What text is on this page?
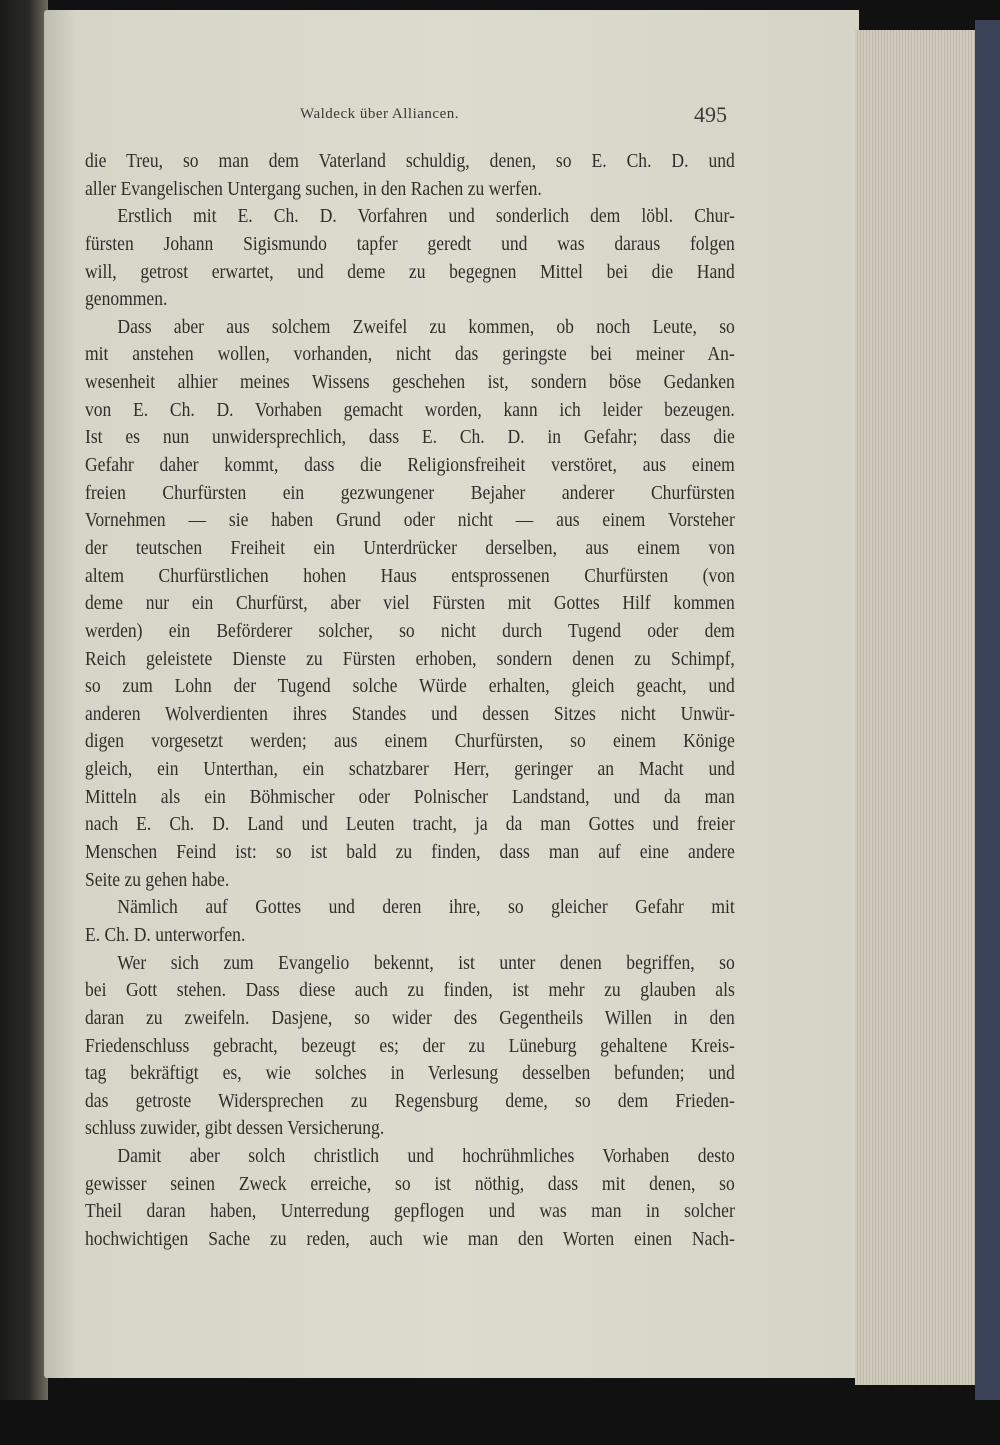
Waldeck über Alliancen.	495
die Treu, so man dem Vaterland schuldig, denen, so E. Ch. D. und
aller Evangelischen Untergang suchen, in den Rachen zu werfen.
Erstlich mit E. Ch. D. Vorfahren und sonderlich dem löbl. Chur-
fürsten Johann Sigismundo tapfer geredt und was daraus folgen
will, getrost erwartet, und deme zu begegnen Mittel bei die Hand
genommen.
Dass aber aus solchem Zweifel zu kommen, ob noch Leute, so
mit anstehen wollen, vorhanden, nicht das geringste bei meiner An-
wesenheit alhier meines Wissens geschehen ist, sondern böse Gedanken
von E. Ch. D. Vorhaben gemacht worden, kann ich leider bezeugen.
Ist es nun unwidersprechlich, dass E. Ch. D. in Gefahr; dass die
Gefahr daher kommt, dass die Religionsfreiheit verstöret, aus einem
freien Churfürsten ein gezwungener Bejaher anderer Churfürsten
Vornehmen — sie haben Grund oder nicht — aus einem Vorsteher
der teutschen Freiheit ein Unterdrücker derselben, aus einem von
altem Churfürstlichen hohen Haus entsprossenen Churfürsten (von
deme nur ein Churfürst, aber viel Fürsten mit Gottes Hilf kommen
werden) ein Beförderer solcher, so nicht durch Tugend oder dem
Reich geleistete Dienste zu Fürsten erhoben, sondern denen zu Schimpf,
so zum Lohn der Tugend solche Würde erhalten, gleich geacht, und
anderen Wolverdienten ihres Standes und dessen Sitzes nicht Unwür-
digen vorgesetzt werden; aus einem Churfürsten, so einem Könige
gleich, ein Unterthan, ein schatzbarer Herr, geringer an Macht und
Mitteln als ein Böhmischer oder Polnischer Landstand, und da man
nach E. Ch. D. Land und Leuten tracht, ja da man Gottes und freier
Menschen Feind ist: so ist bald zu finden, dass man auf eine andere
Seite zu gehen habe.
Nämlich auf Gottes und deren ihre, so gleicher Gefahr mit
E. Ch. D. unterworfen.
Wer sich zum Evangelio bekennt, ist unter denen begriffen, so
bei Gott stehen. Dass diese auch zu finden, ist mehr zu glauben als
daran zu zweifeln. Dasjene, so wider des Gegentheils Willen in den
Friedenschluss gebracht, bezeugt es; der zu Lüneburg gehaltene Kreis-
tag bekräftigt es, wie solches in Verlesung desselben befunden; und
das getroste Widersprechen zu Regensburg deme, so dem Frieden-
schluss zuwider, gibt dessen Versicherung.
Damit aber solch christlich und hochrühmliches Vorhaben desto
gewisser seinen Zweck erreiche, so ist nöthig, dass mit denen, so
Theil daran haben, Unterredung gepflogen und was man in solcher
hochwichtigen Sache zu reden, auch wie man den Worten einen Nach-
